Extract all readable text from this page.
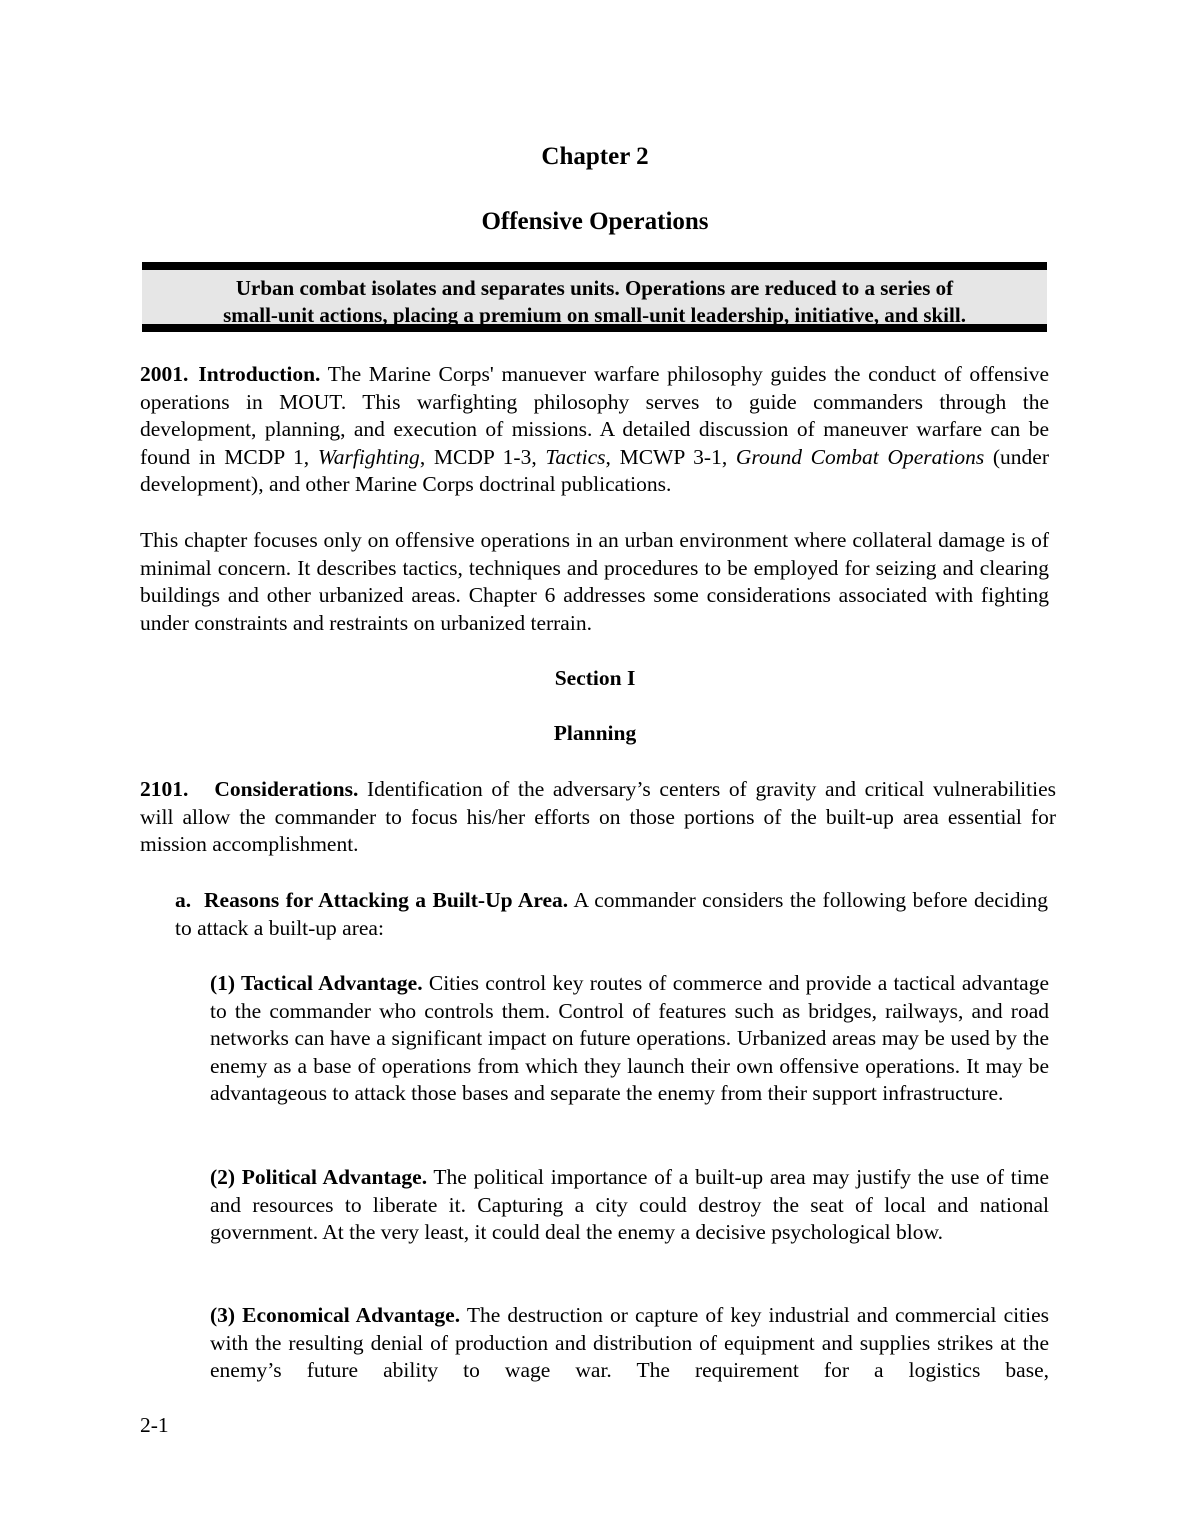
Chapter 2
Offensive Operations
Urban combat isolates and separates units. Operations are reduced to a series of
small-unit actions, placing a premium on small-unit leadership, initiative, and skill.
2001. Introduction. The Marine Corps' manuever warfare philosophy guides the conduct of offensive operations in MOUT. This warfighting philosophy serves to guide commanders through the development, planning, and execution of missions. A detailed discussion of maneuver warfare can be found in MCDP 1, Warfighting, MCDP 1-3, Tactics, MCWP 3-1, Ground Combat Operations (under development), and other Marine Corps doctrinal publications.
This chapter focuses only on offensive operations in an urban environment where collateral damage is of minimal concern. It describes tactics, techniques and procedures to be employed for seizing and clearing buildings and other urbanized areas. Chapter 6 addresses some considerations associated with fighting under constraints and restraints on urbanized terrain.
Section I
Planning
2101. Considerations. Identification of the adversary’s centers of gravity and critical vulnerabilities will allow the commander to focus his/her efforts on those portions of the built-up area essential for mission accomplishment.
a. Reasons for Attacking a Built-Up Area. A commander considers the following before deciding to attack a built-up area:
(1) Tactical Advantage. Cities control key routes of commerce and provide a tactical advantage to the commander who controls them. Control of features such as bridges, railways, and road networks can have a significant impact on future operations. Urbanized areas may be used by the enemy as a base of operations from which they launch their own offensive operations. It may be advantageous to attack those bases and separate the enemy from their support infrastructure.
(2) Political Advantage. The political importance of a built-up area may justify the use of time and resources to liberate it. Capturing a city could destroy the seat of local and national government. At the very least, it could deal the enemy a decisive psychological blow.
(3) Economical Advantage. The destruction or capture of key industrial and commercial cities with the resulting denial of production and distribution of equipment and supplies strikes at the enemy’s future ability to wage war. The requirement for a logistics base,
2-1
